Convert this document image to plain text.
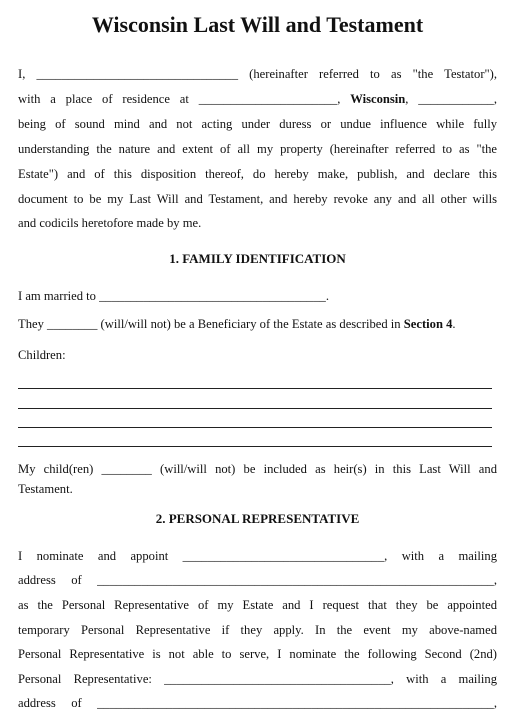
Wisconsin Last Will and Testament
I, ________________________________ (hereinafter referred to as "the Testator"),
with a place of residence at ______________________, Wisconsin, ____________,
being of sound mind and not acting under duress or undue influence while fully
understanding the nature and extent of all my property (hereinafter referred to as "the
Estate") and of this disposition thereof, do hereby make, publish, and declare this
document to be my Last Will and Testament, and hereby revoke any and all other wills
and codicils heretofore made by me.
1. FAMILY IDENTIFICATION
I am married to ____________________________________.
They ________ (will/will not) be a Beneficiary of the Estate as described in Section 4.
Children:
My child(ren) ________ (will/will not) be included as heir(s) in this Last Will and
Testament.
2. PERSONAL REPRESENTATIVE
I nominate and appoint ________________________________, with a mailing
address of _______________________________________________________________,
as the Personal Representative of my Estate and I request that they be appointed
temporary Personal Representative if they apply. In the event my above-named
Personal Representative is not able to serve, I nominate the following Second (2nd)
Personal Representative: ____________________________________, with a mailing
address of _______________________________________________________________,
